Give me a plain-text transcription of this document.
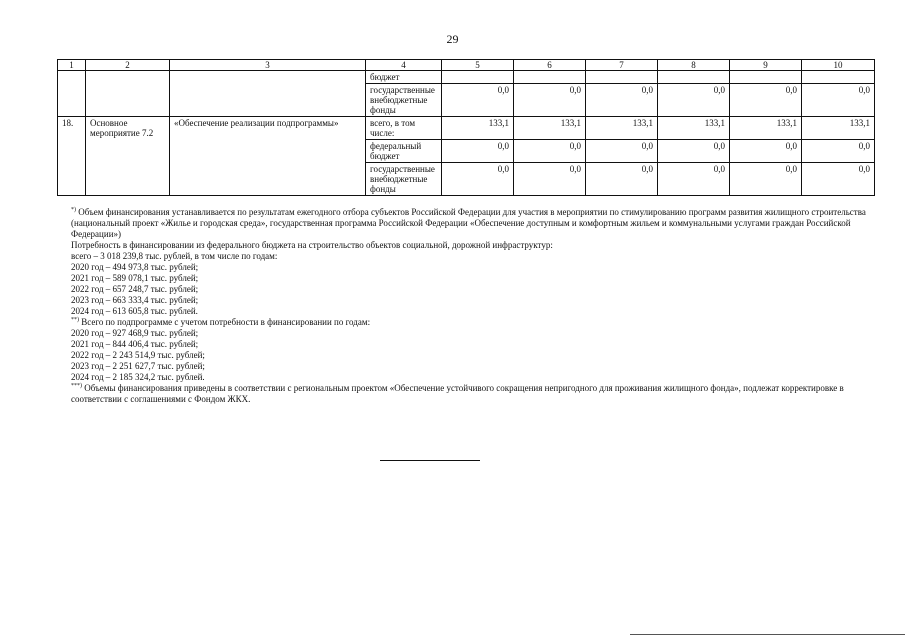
29
1	2	3	4	5	6	7	8	9	10
			бюджет						
			государственные внебюджетные фонды	0,0	0,0	0,0	0,0	0,0	0,0
18.	Основное мероприятие 7.2	«Обеспечение реализации подпрограммы»	всего, в том числе:	133,1	133,1	133,1	133,1	133,1	133,1
			федеральный бюджет	0,0	0,0	0,0	0,0	0,0	0,0
			государственные внебюджетные фонды	0,0	0,0	0,0	0,0	0,0	0,0

*) Объем финансирования устанавливается по результатам ежегодного отбора субъектов Российской Федерации для участия в мероприятии по стимулированию программ развития жилищного строительства (национальный проект «Жилье и городская среда», государственная программа Российской Федерации «Обеспечение доступным и комфортным жильем и коммунальными услугами граждан Российской Федерации»)

Потребность в финансировании из федерального бюджета на строительство объектов социальной, дорожной инфраструктур:

всего – 3 018 239,8 тыс. рублей, в том числе по годам:

2020 год – 494 973,8 тыс. рублей;

2021 год – 589 078,1 тыс. рублей;

2022 год – 657 248,7 тыс. рублей;

2023 год – 663 333,4 тыс. рублей;

2024 год – 613 605,8 тыс. рублей.

**) Всего по подпрограмме с учетом потребности в финансировании по годам:

2020 год – 927 468,9 тыс. рублей;

2021 год – 844 406,4 тыс. рублей;

2022 год – 2 243 514,9 тыс. рублей;

2023 год – 2 251 627,7 тыс. рублей;

2024 год – 2 185 324,2 тыс. рублей.

***) Объемы финансирования приведены в соответствии с региональным проектом «Обеспечение устойчивого сокращения непригодного для проживания жилищного фонда», подлежат корректировке в соответствии с соглашениями с Фондом ЖКХ.
